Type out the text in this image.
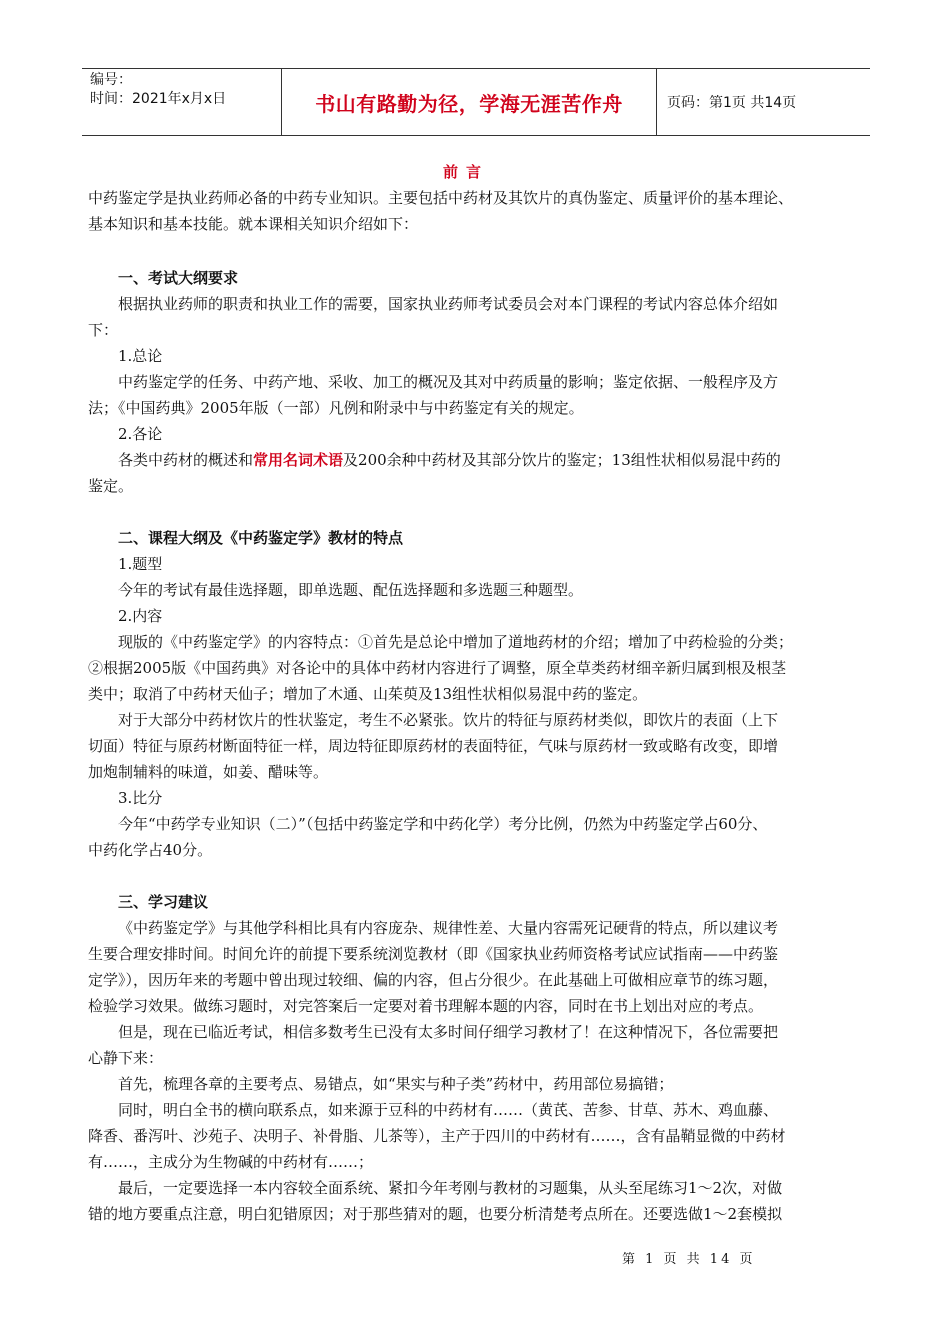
编号：
时间：2021年x月x日	书山有路勤为径，学海无涯苦作舟	页码：第1页 共14页
前言
中药鉴定学是执业药师必备的中药专业知识。主要包括中药材及其饮片的真伪鉴定、质量评价的基本理论、
基本知识和基本技能。就本课相关知识介绍如下：
一、考试大纲要求
根据执业药师的职责和执业工作的需要，国家执业药师考试委员会对本门课程的考试内容总体介绍如
下：
1.总论
中药鉴定学的任务、中药产地、采收、加工的概况及其对中药质量的影响；鉴定依据、一般程序及方
法；《中国药典》2005年版（一部）凡例和附录中与中药鉴定有关的规定。
2.各论
各类中药材的概述和常用名词术语及200余种中药材及其部分饮片的鉴定；13组性状相似易混中药的
鉴定。
二、课程大纲及《中药鉴定学》教材的特点
1.题型
今年的考试有最佳选择题，即单选题、配伍选择题和多选题三种题型。
2.内容
现版的《中药鉴定学》的内容特点：①首先是总论中增加了道地药材的介绍；增加了中药检验的分类；
②根据2005版《中国药典》对各论中的具体中药材内容进行了调整，原全草类药材细辛新归属到根及根茎
类中；取消了中药材天仙子；增加了木通、山茱萸及13组性状相似易混中药的鉴定。
对于大部分中药材饮片的性状鉴定，考生不必紧张。饮片的特征与原药材类似，即饮片的表面（上下
切面）特征与原药材断面特征一样，周边特征即原药材的表面特征，气味与原药材一致或略有改变，即增
加炮制辅料的味道，如姜、醋味等。
3.比分
今年“中药学专业知识（二）”（包括中药鉴定学和中药化学）考分比例，仍然为中药鉴定学占60分、
中药化学占40分。
三、学习建议
《中药鉴定学》与其他学科相比具有内容庞杂、规律性差、大量内容需死记硬背的特点，所以建议考
生要合理安排时间。时间允许的前提下要系统浏览教材（即《国家执业药师资格考试应试指南——中药鉴
定学》），因历年来的考题中曾出现过较细、偏的内容，但占分很少。在此基础上可做相应章节的练习题，
检验学习效果。做练习题时，对完答案后一定要对着书理解本题的内容，同时在书上划出对应的考点。
但是，现在已临近考试，相信多数考生已没有太多时间仔细学习教材了！在这种情况下，各位需要把
心静下来：
首先，梳理各章的主要考点、易错点，如“果实与种子类”药材中，药用部位易搞错；
同时，明白全书的横向联系点，如来源于豆科的中药材有……（黄芪、苦参、甘草、苏木、鸡血藤、
降香、番泻叶、沙苑子、决明子、补骨脂、儿茶等），主产于四川的中药材有……，含有晶鞘显微的中药材
有……，主成分为生物碱的中药材有……；
最后，一定要选择一本内容较全面系统、紧扣今年考刚与教材的习题集，从头至尾练习1～2次，对做
错的地方要重点注意，明白犯错原因；对于那些猜对的题，也要分析清楚考点所在。还要选做1～2套模拟
第 1 页 共 14 页
